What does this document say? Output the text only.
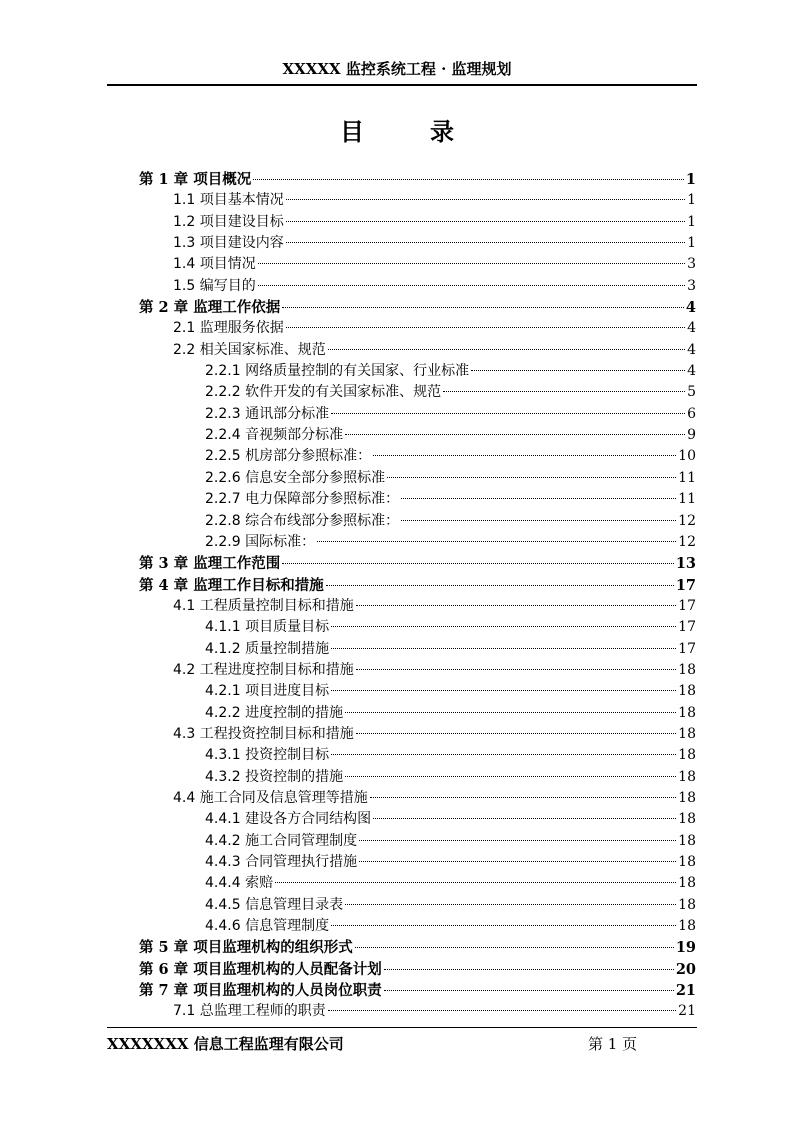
XXXXX 监控系统工程 · 监理规划
目	录
第 1 章 项目概况	1
1.1 项目基本情况	1
1.2 项目建设目标	1
1.3 项目建设内容	1
1.4 项目情况	3
1.5 编写目的	3
第 2 章 监理工作依据	4
2.1 监理服务依据	4
2.2 相关国家标准、规范	4
2.2.1 网络质量控制的有关国家、行业标准	4
2.2.2 软件开发的有关国家标准、规范	5
2.2.3 通讯部分标准	6
2.2.4 音视频部分标准	9
2.2.5 机房部分参照标准：	10
2.2.6 信息安全部分参照标准	11
2.2.7 电力保障部分参照标准：	11
2.2.8 综合布线部分参照标准：	12
2.2.9 国际标准：	12
第 3 章 监理工作范围	13
第 4 章 监理工作目标和措施	17
4.1 工程质量控制目标和措施	17
4.1.1 项目质量目标	17
4.1.2 质量控制措施	17
4.2 工程进度控制目标和措施	18
4.2.1 项目进度目标	18
4.2.2 进度控制的措施	18
4.3 工程投资控制目标和措施	18
4.3.1 投资控制目标	18
4.3.2 投资控制的措施	18
4.4 施工合同及信息管理等措施	18
4.4.1 建设各方合同结构图	18
4.4.2 施工合同管理制度	18
4.4.3 合同管理执行措施	18
4.4.4 索赔	18
4.4.5 信息管理目录表	18
4.4.6 信息管理制度	18
第 5 章 项目监理机构的组织形式	19
第 6 章 项目监理机构的人员配备计划	20
第 7 章 项目监理机构的人员岗位职责	21
7.1 总监理工程师的职责	21
XXXXXXX 信息工程监理有限公司	第 1 页
